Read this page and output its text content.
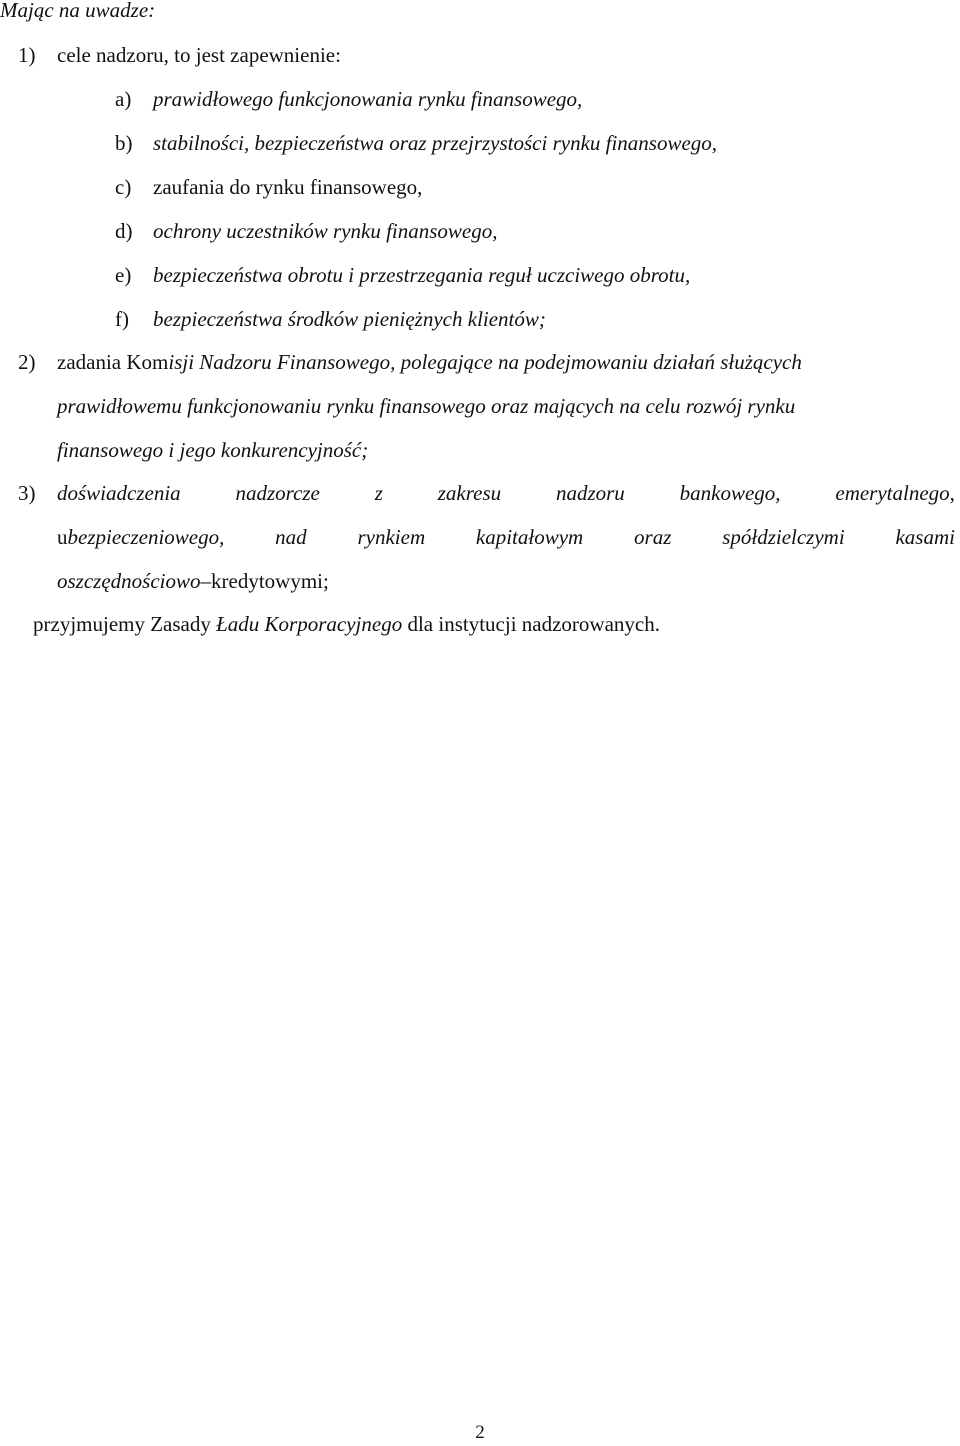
Mając na uwadze:
1) cele nadzoru, to jest zapewnienie:
a) prawidłowego funkcjonowania rynku finansowego,
b) stabilności, bezpieczeństwa oraz przejrzystości rynku finansowego,
c) zaufania do rynku finansowego,
d) ochrony uczestników rynku finansowego,
e) bezpieczeństwa obrotu i przestrzegania reguł uczciwego obrotu,
f) bezpieczeństwa środków pieniężnych klientów;
2) zadania Komisji Nadzoru Finansowego, polegające na podejmowaniu działań służących
prawidłowemu funkcjonowaniu rynku finansowego oraz mających na celu rozwój rynku
finansowego i jego konkurencyjność;
3) doświadczenia	nadzorcze	z	zakresu	nadzoru	bankowego,	emerytalnego,
ubezpieczeniowego, nad rynkiem kapitałowym oraz spółdzielczymi kasami
oszczędnościowo–kredytowymi;
przyjmujemy Zasady Ładu Korporacyjnego dla instytucji nadzorowanych.
2
